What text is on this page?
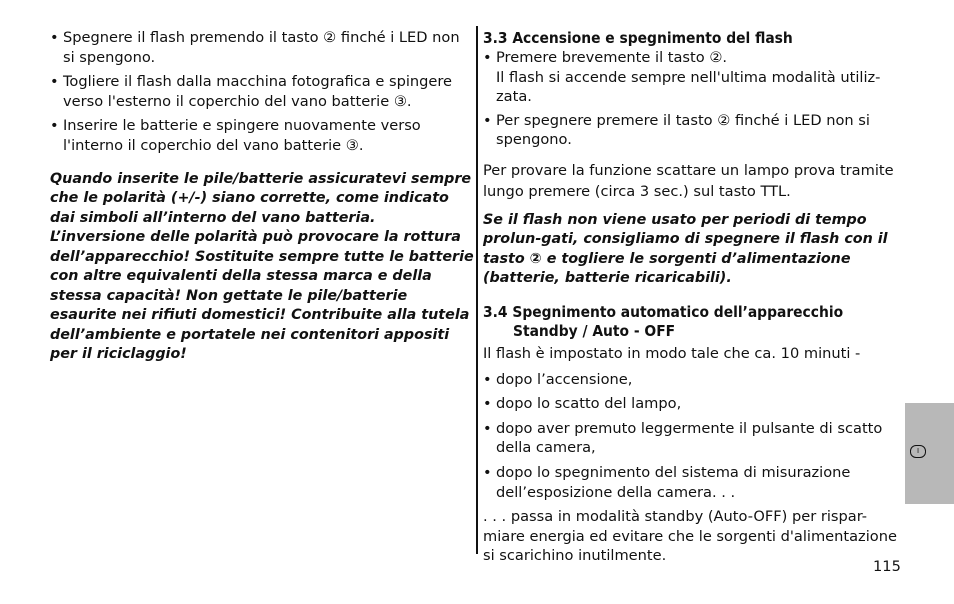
• Spegnere il flash premendo il tasto ② finché i LED non si spengono.
• Togliere il flash dalla macchina fotografica e spingere verso l'esterno il coperchio del vano batterie ③.
• Inserire le batterie e spingere nuovamente verso l'interno il coperchio del vano batterie ③.

Quando inserite le pile/batterie assicuratevi sempre che le polarità (+/-) siano corrette, come indicato dai simboli all’interno del vano batteria. L’inversione delle polarità può provocare la rottura dell’apparecchio! Sostituite sempre tutte le batterie con altre equivalenti della stessa marca e della stessa capacità! Non gettate le pile/batterie esaurite nei rifiuti domestici! Contribuite alla tutela dell’ambiente e portatele nei contenitori appositi per il riciclaggio!

3.3 Accensione e spegnimento del flash
• Premere brevemente il tasto ②.
Il flash si accende sempre nell'ultima modalità utiliz-zata.
• Per spegnere premere il tasto ② finché i LED non si spengono.

Per provare la funzione scattare un lampo prova tramite lungo premere (circa 3 sec.) sul tasto TTL.

Se il flash non viene usato per periodi di tempo prolun-gati, consigliamo di spegnere il flash con il tasto ② e togliere le sorgenti d’alimentazione (batterie, batterie ricaricabili).

3.4 Spegnimento automatico dell’apparecchio Standby / Auto - OFF

Il flash è impostato in modo tale che ca. 10 minuti -

• dopo l’accensione,
• dopo lo scatto del lampo,
• dopo aver premuto leggermente il pulsante di scatto della camera,
• dopo lo spegnimento del sistema di misurazione dell’esposizione della camera. . .

. . . passa in modalità standby (Auto-OFF) per rispar-miare energia ed evitare che le sorgenti d'alimentazione si scarichino inutilmente.

I
115
